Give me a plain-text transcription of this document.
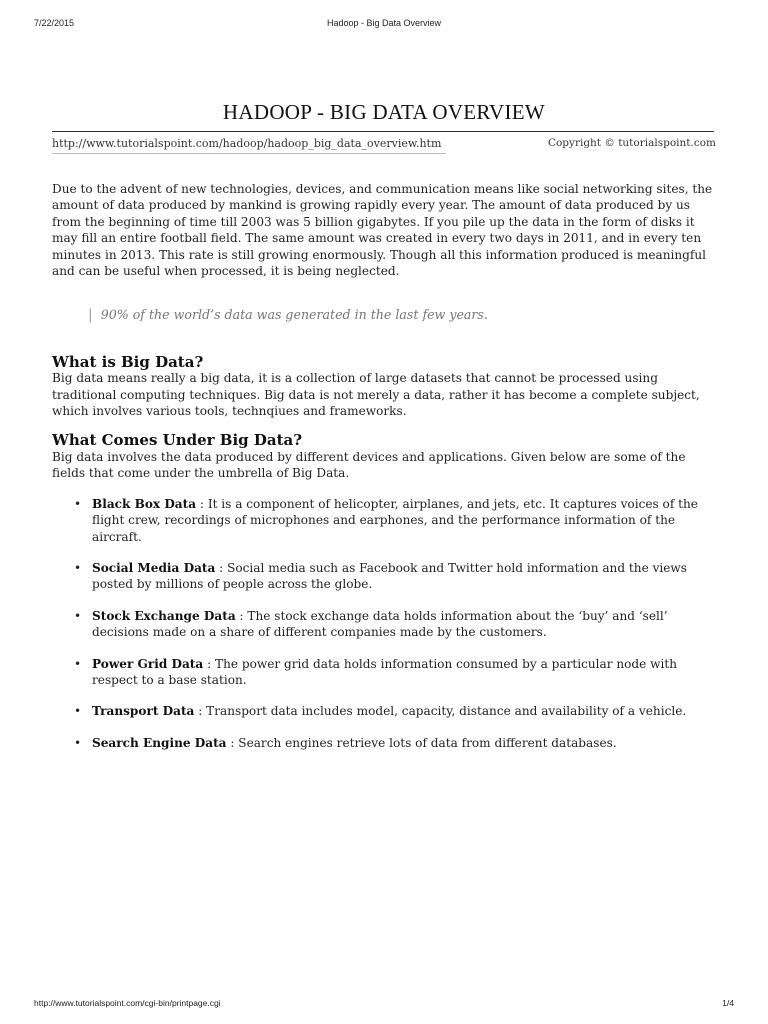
7/22/2015	Hadoop - Big Data Overview
HADOOP - BIG DATA OVERVIEW
http://www.tutorialspoint.com/hadoop/hadoop_big_data_overview.htm	Copyright © tutorialspoint.com

Due to the advent of new technologies, devices, and communication means like social networking sites, the amount of data produced by mankind is growing rapidly every year. The amount of data produced by us from the beginning of time till 2003 was 5 billion gigabytes. If you pile up the data in the form of disks it may fill an entire football field. The same amount was created in every two days in 2011, and in every ten minutes in 2013. This rate is still growing enormously. Though all this information produced is meaningful and can be useful when processed, it is being neglected.

| 90% of the world’s data was generated in the last few years.
What is Big Data?

Big data means really a big data, it is a collection of large datasets that cannot be processed using traditional computing techniques. Big data is not merely a data, rather it has become a complete subject, which involves various tools, technqiues and frameworks.

What Comes Under Big Data?

Big data involves the data produced by different devices and applications. Given below are some of the fields that come under the umbrella of Big Data.

• Black Box Data : It is a component of helicopter, airplanes, and jets, etc. It captures voices of the flight crew, recordings of microphones and earphones, and the performance information of the aircraft.
• Social Media Data : Social media such as Facebook and Twitter hold information and the views posted by millions of people across the globe.
• Stock Exchange Data : The stock exchange data holds information about the ‘buy’ and ‘sell’ decisions made on a share of different companies made by the customers.
• Power Grid Data : The power grid data holds information consumed by a particular node with respect to a base station.
• Transport Data : Transport data includes model, capacity, distance and availability of a vehicle.
• Search Engine Data : Search engines retrieve lots of data from different databases.
http://www.tutorialspoint.com/cgi-bin/printpage.cgi	1/4
